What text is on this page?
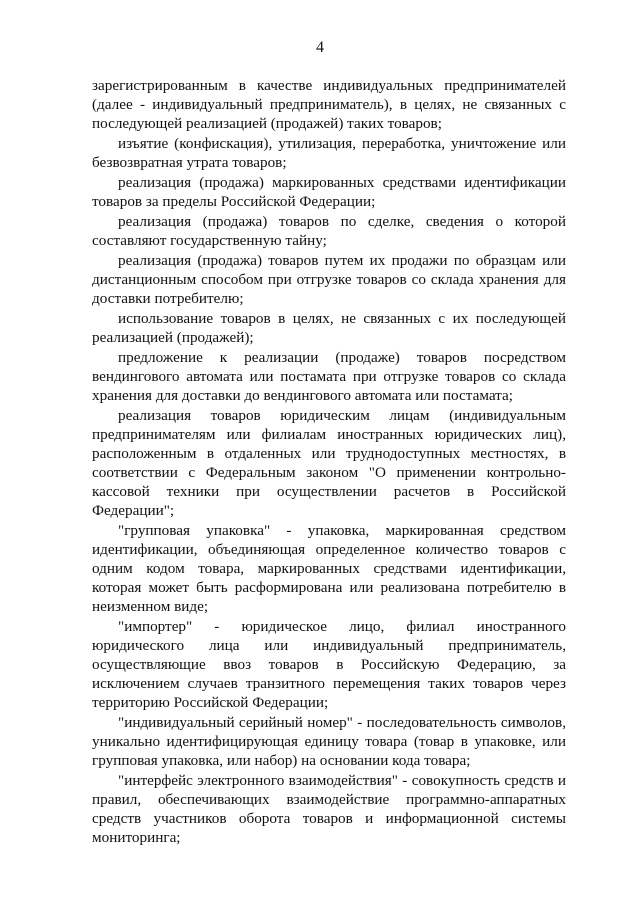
4

зарегистрированным в качестве индивидуальных предпринимателей (далее - индивидуальный предприниматель), в целях, не связанных с последующей реализацией (продажей) таких товаров;

изъятие (конфискация), утилизация, переработка, уничтожение или безвозвратная утрата товаров;

реализация (продажа) маркированных средствами идентификации товаров за пределы Российской Федерации;

реализация (продажа) товаров по сделке, сведения о которой составляют государственную тайну;

реализация (продажа) товаров путем их продажи по образцам или дистанционным способом при отгрузке товаров со склада хранения для доставки потребителю;

использование товаров в целях, не связанных с их последующей реализацией (продажей);

предложение к реализации (продаже) товаров посредством вендингового автомата или постамата при отгрузке товаров со склада хранения для доставки до вендингового автомата или постамата;

реализация товаров юридическим лицам (индивидуальным предпринимателям или филиалам иностранных юридических лиц), расположенным в отдаленных или труднодоступных местностях, в соответствии с Федеральным законом "О применении контрольно-кассовой техники при осуществлении расчетов в Российской Федерации";

"групповая упаковка" - упаковка, маркированная средством идентификации, объединяющая определенное количество товаров с одним кодом товара, маркированных средствами идентификации, которая может быть расформирована или реализована потребителю в неизменном виде;

"импортер" - юридическое лицо, филиал иностранного юридического лица или индивидуальный предприниматель, осуществляющие ввоз товаров в Российскую Федерацию, за исключением случаев транзитного перемещения таких товаров через территорию Российской Федерации;

"индивидуальный серийный номер" - последовательность символов, уникально идентифицирующая единицу товара (товар в упаковке, или групповая упаковка, или набор) на основании кода товара;

"интерфейс электронного взаимодействия" - совокупность средств и правил, обеспечивающих взаимодействие программно-аппаратных средств участников оборота товаров и информационной системы мониторинга;
